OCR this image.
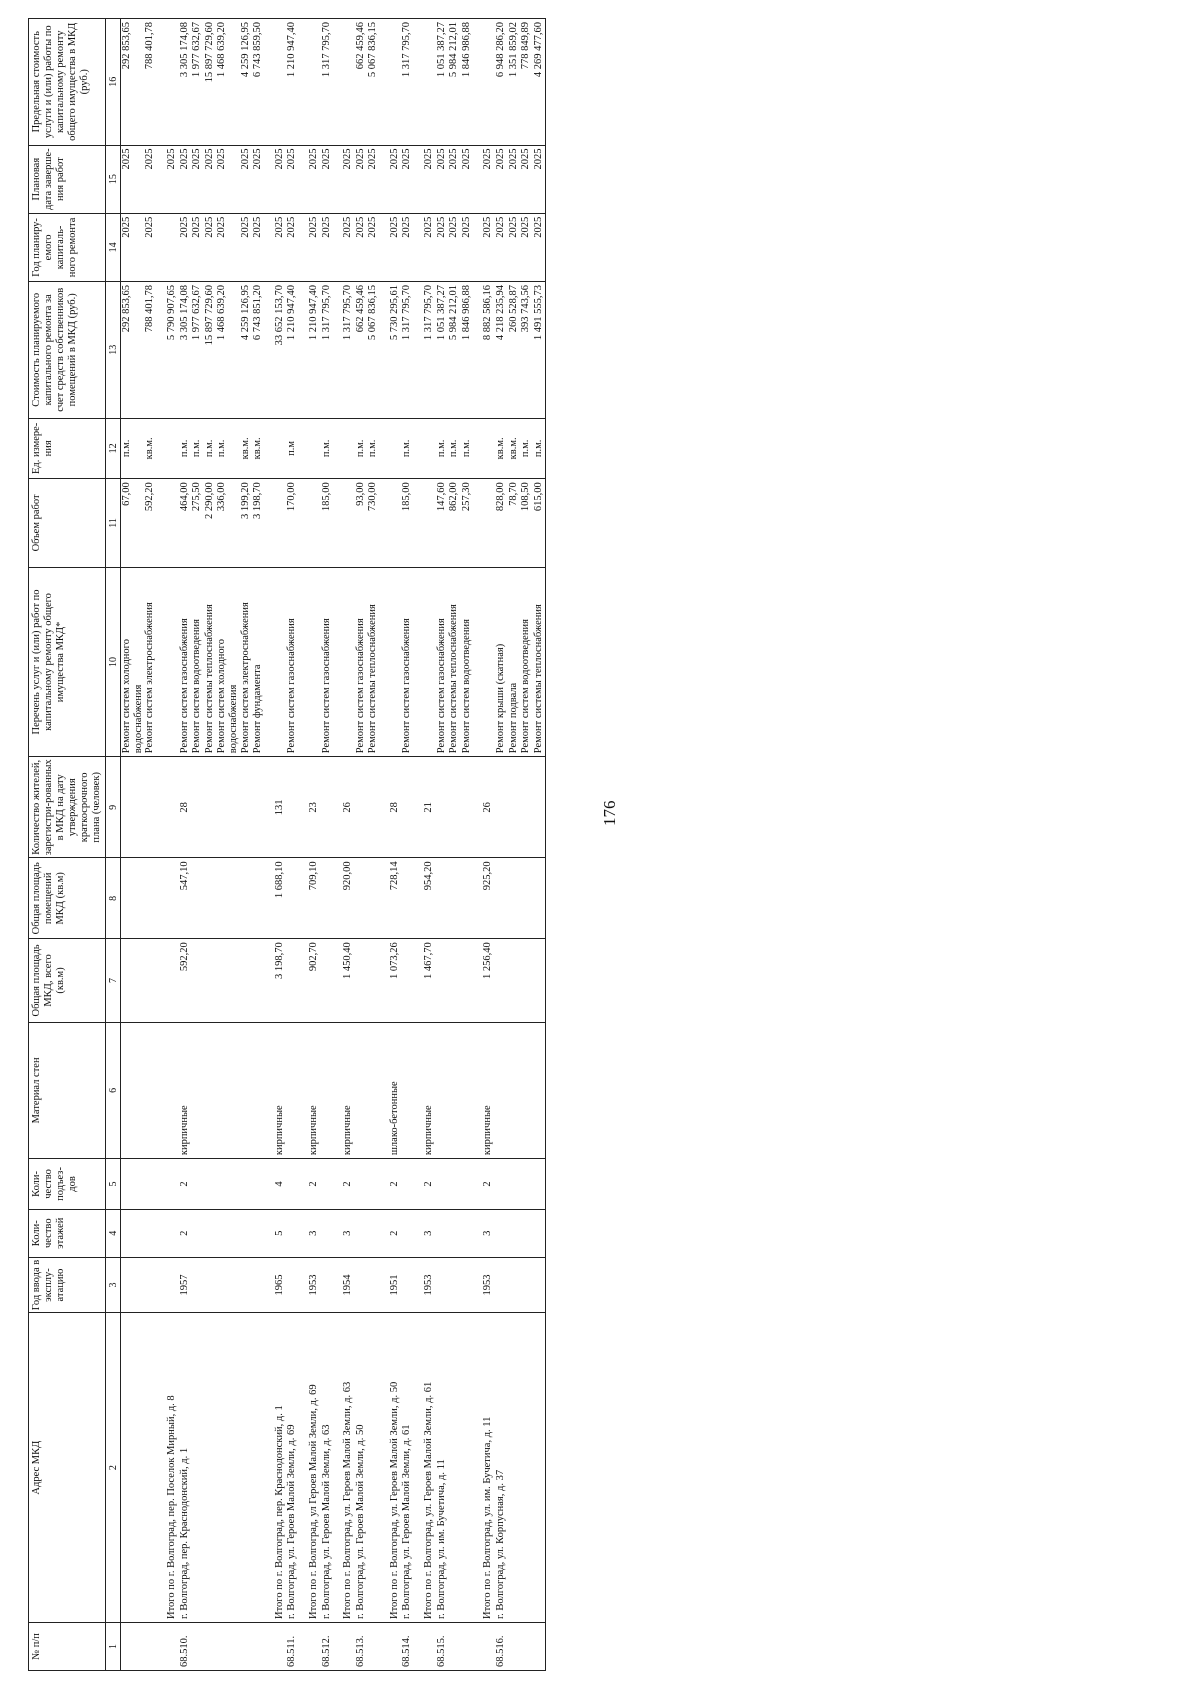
176
№ п/п	Адрес МКД	Год ввода в эксплу-атацию	Коли-чество этажей	Коли-чество подъез-дов	Материал стен	Общая площадь МКД, всего (кв.м)	Общая площадь помещений МКД (кв.м)	Количество жителей, зарегистри-рованных в МКД на дату утверждения краткосрочного плана (человек)	Перечень услуг и (или) работ по капитальному ремонту общего имущества МКД*	Объем работ	Ед. измере-ния	Стоимость планируемого капитального ремонта за счет средств собственников помещений в МКД (руб.)	Год планиру-емого капиталь-ного ремонта	Плановая дата заверше-ния работ	Предельная стоимость услуги и (или) работы по капитальному ремонту общего имущества в МКД (руб.)
1	2	3	4	5	6	7	8	9	10	11	12	13	14	15	16
									Ремонт систем холодного водоснабжения	67,00	п.м.	292 853,65	2025	2025	292 853,65
									Ремонт систем электроснабжения	592,20	кв.м.	788 401,78	2025	2025	788 401,78

	Итого по г. Волгоград, пер. Поселок Мирный, д. 8											5 790 907,65		2025	
68.510.	г. Волгоград, пер. Краснодонский, д. 1	1957	2	2	кирпичные	592,20	547,10	28	Ремонт систем газоснабжения	464,00	п.м.	3 305 174,08	2025	2025	3 305 174,08
									Ремонт систем водоотведения	275,50	п.м.	1 977 632,67	2025	2025	1 977 632,67
									Ремонт системы теплоснабжения	2 290,00	п.м.	15 897 729,60	2025	2025	15 897 729,60
									Ремонт систем холодного водоснабжения	336,00	п.м.	1 468 639,20	2025	2025	1 468 639,20
									Ремонт систем электроснабжения	3 199,20	кв.м.	4 259 126,95	2025	2025	4 259 126,95
									Ремонт фундамента	3 198,70	кв.м.	6 743 851,20	2025	2025	6 743 859,50

	Итого по г. Волгоград, пер. Краснодонский, д. 1	1965	5	4	кирпичные	3 198,70	1 688,10	131				33 652 153,70	2025	2025	
68.511.	г. Волгоград, ул. Героев Малой Земли, д. 69								Ремонт систем газоснабжения	170,00	п.м	1 210 947,40	2025	2025	1 210 947,40

	Итого по г. Волгоград, ул Героев Малой Земли, д. 69	1953	3	2	кирпичные	902,70	709,10	23				1 210 947,40	2025	2025	
68.512.	г. Волгоград, ул. Героев Малой Земли, д. 63								Ремонт систем газоснабжения	185,00	п.м.	1 317 795,70	2025	2025	1 317 795,70

	Итого по г. Волгоград, ул. Героев Малой Земли, д. 63	1954	3	2	кирпичные	1 450,40	920,00	26				1 317 795,70	2025	2025	
68.513.	г. Волгоград, ул. Героев Малой Земли, д. 50								Ремонт систем газоснабжения	93,00	п.м.	662 459,46	2025	2025	662 459,46
									Ремонт системы теплоснабжения	730,00	п.м.	5 067 836,15	2025	2025	5 067 836,15

	Итого по г. Волгоград, ул. Героев Малой Земли, д. 50	1951	2	2	шлако-бетонные	1 073,26	728,14	28				5 730 295,61	2025	2025	
68.514.	г. Волгоград, ул. Героев Малой Земли, д. 61								Ремонт систем газоснабжения	185,00	п.м.	1 317 795,70	2025	2025	1 317 795,70

	Итого по г. Волгоград, ул. Героев Малой Земли, д. 61	1953	3	2	кирпичные	1 467,70	954,20	21				1 317 795,70	2025	2025	
68.515.	г. Волгоград, ул. им. Бучетича, д. 11								Ремонт систем газоснабжения	147,60	п.м.	1 051 387,27	2025	2025	1 051 387,27
									Ремонт системы теплоснабжения	862,00	п.м.	5 984 212,01	2025	2025	5 984 212,01
									Ремонт систем водоотведения	257,30	п.м.	1 846 986,88	2025	2025	1 846 986,88

	Итого по г. Волгоград, ул. им. Бучетича, д. 11	1953	3	2	кирпичные	1 256,40	925,20	26				8 882 586,16	2025	2025	
68.516.	г. Волгоград, ул. Корпусная, д. 37								Ремонт крыши (скатная)	828,00	кв.м.	4 218 235,94	2025	2025	6 948 286,20
									Ремонт подвала	78,70	кв.м.	260 528,87	2025	2025	1 351 859,02
									Ремонт систем водоотведения	108,50	п.м.	393 743,56	2025	2025	778 849,89
									Ремонт системы теплоснабжения	615,00	п.м.	1 491 555,73	2025	2025	4 269 477,60
